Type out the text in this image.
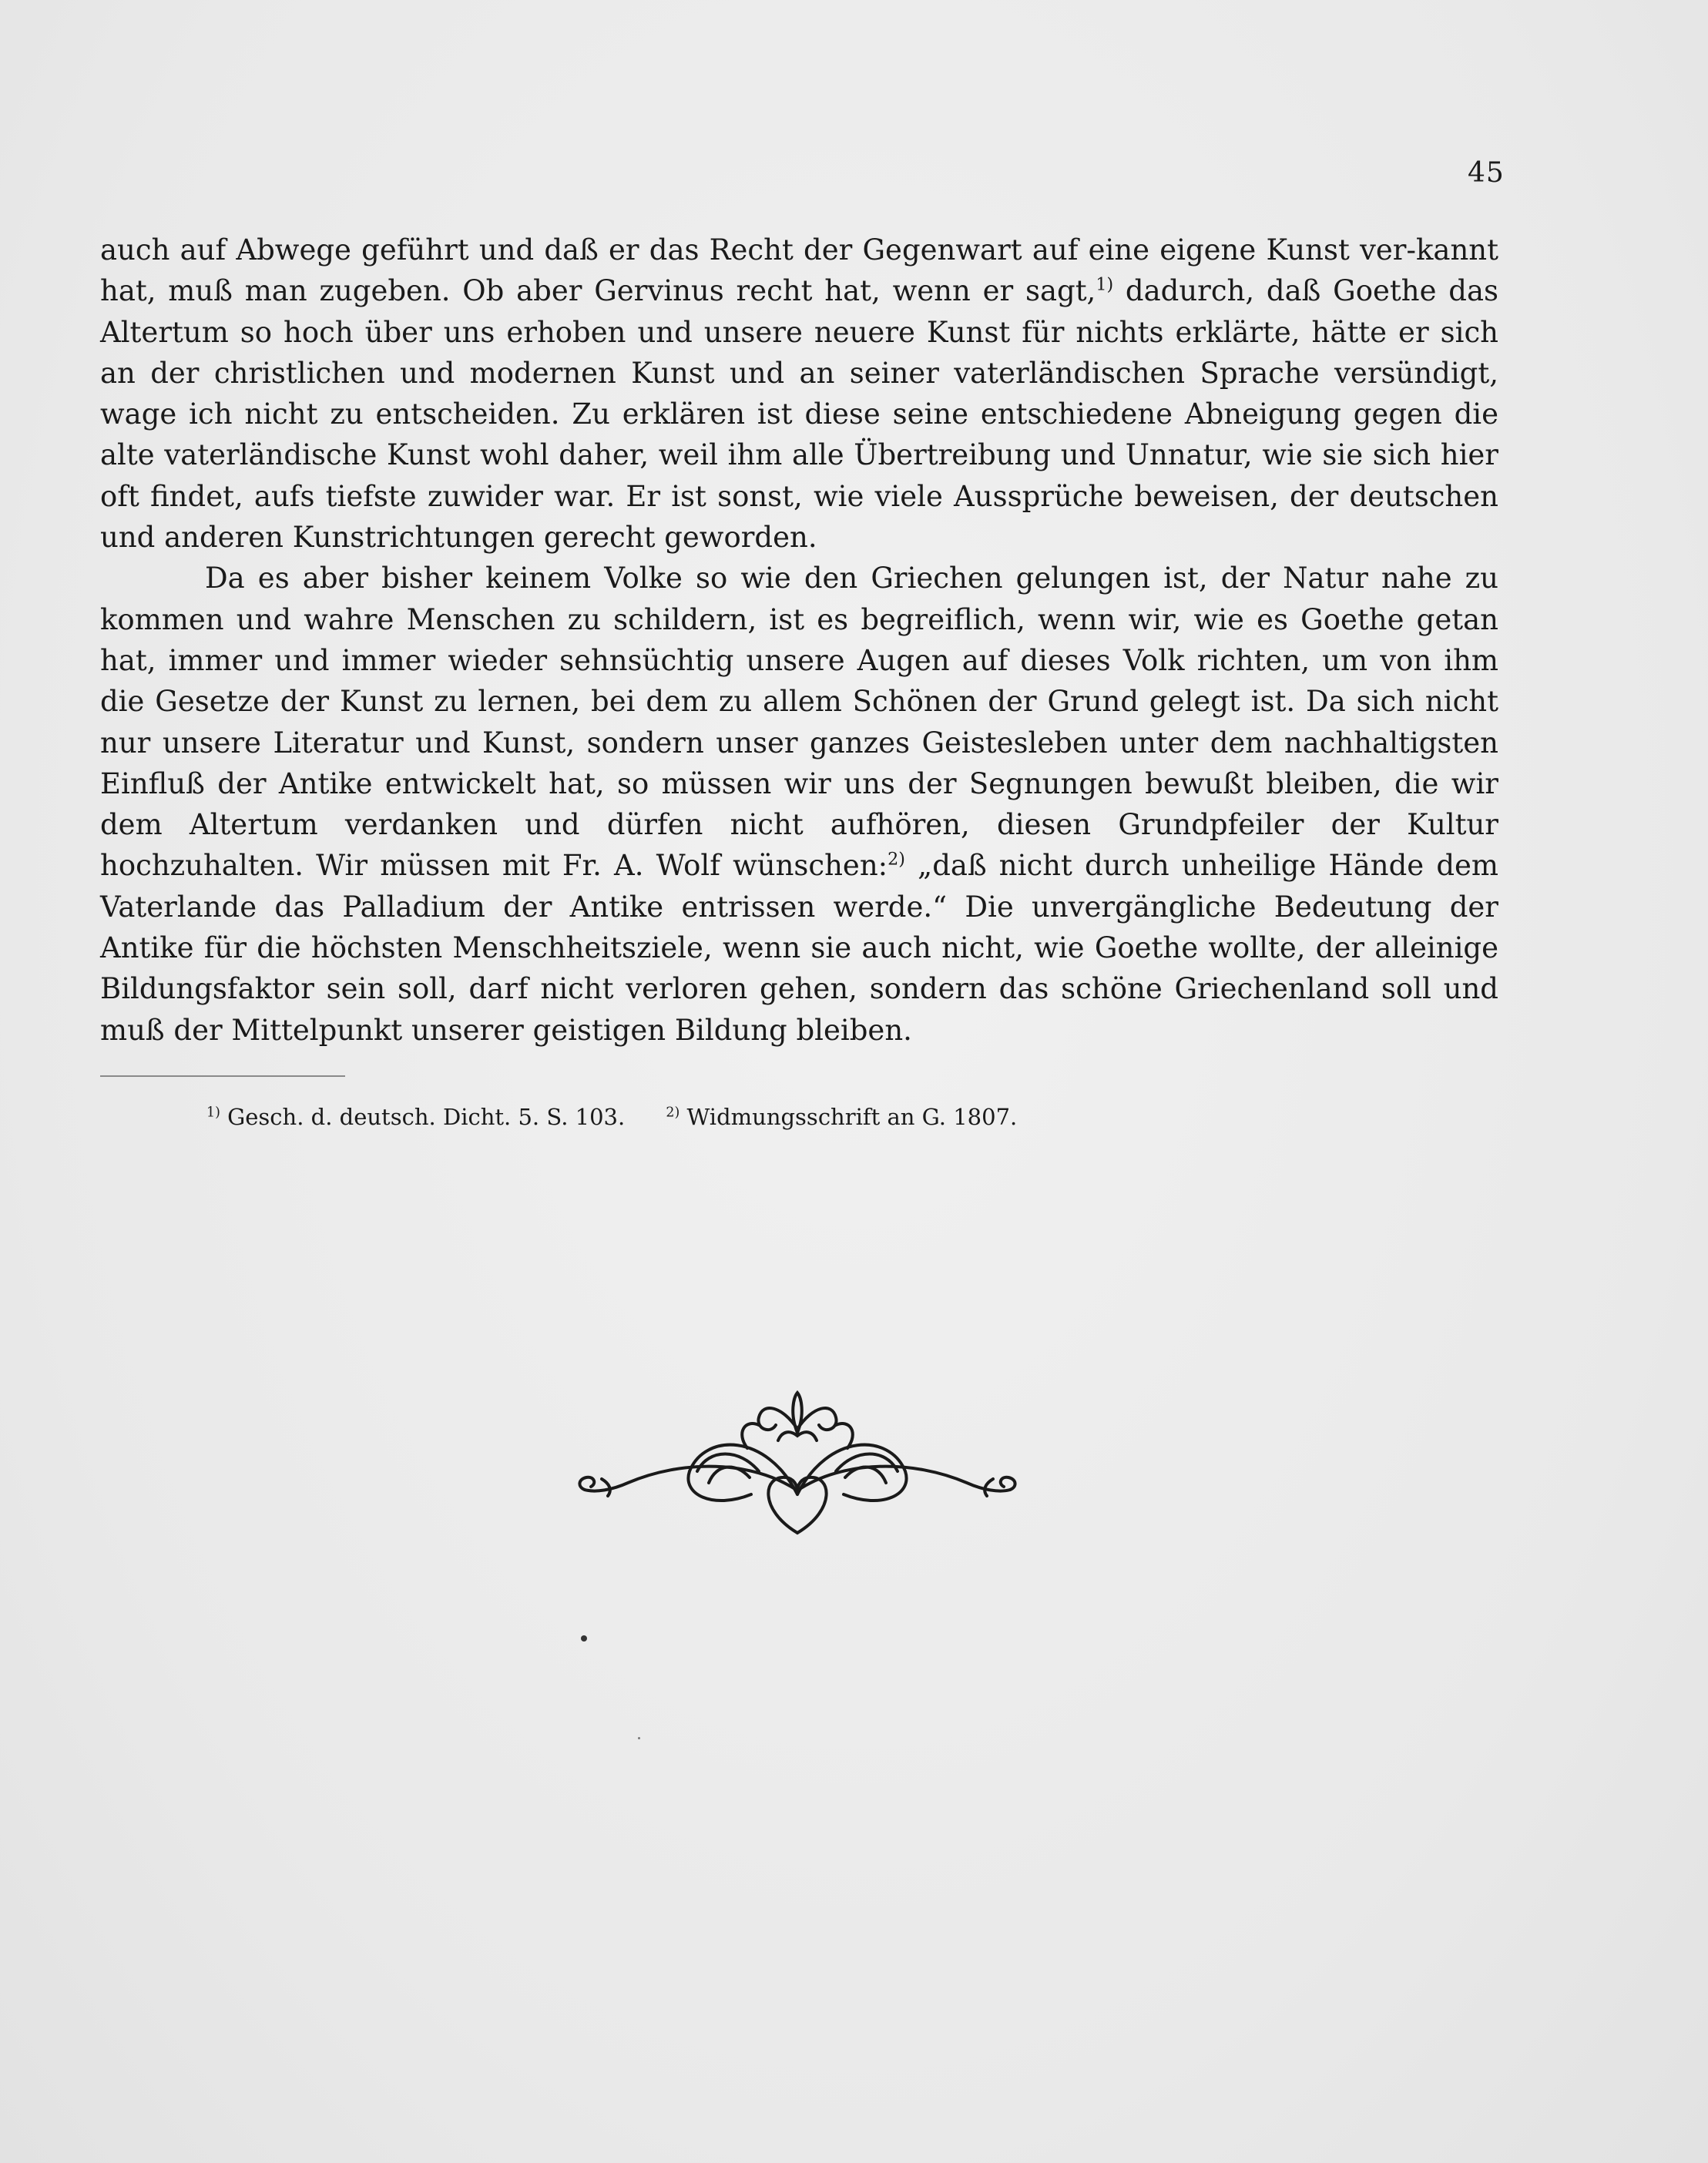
45

auch auf Abwege geführt und daß er das Recht der Gegenwart auf eine eigene Kunst ver-kannt hat, muß man zugeben. Ob aber Gervinus recht hat, wenn er sagt,$^{1)}$ dadurch, daß Goethe das Altertum so hoch über uns erhoben und unsere neuere Kunst für nichts erklärte, hätte er sich an der christlichen und modernen Kunst und an seiner vaterländischen Sprache versündigt, wage ich nicht zu entscheiden. Zu erklären ist diese seine entschiedene Abneigung gegen die alte vaterländische Kunst wohl daher, weil ihm alle Übertreibung und Unnatur, wie sie sich hier oft findet, aufs tiefste zuwider war. Er ist sonst, wie viele Aussprüche beweisen, der deutschen und anderen Kunstrichtungen gerecht geworden.

Da es aber bisher keinem Volke so wie den Griechen gelungen ist, der Natur nahe zu kommen und wahre Menschen zu schildern, ist es begreiflich, wenn wir, wie es Goethe getan hat, immer und immer wieder sehnsüchtig unsere Augen auf dieses Volk richten, um von ihm die Gesetze der Kunst zu lernen, bei dem zu allem Schönen der Grund gelegt ist. Da sich nicht nur unsere Literatur und Kunst, sondern unser ganzes Geistesleben unter dem nachhaltigsten Einfluß der Antike entwickelt hat, so müssen wir uns der Segnungen bewußt bleiben, die wir dem Altertum verdanken und dürfen nicht aufhören, diesen Grundpfeiler der Kultur hochzuhalten. Wir müssen mit Fr. A. Wolf wünschen:$^{2)}$ „daß nicht durch unheilige Hände dem Vaterlande das Palladium der Antike entrissen werde.“ Die unvergängliche Bedeutung der Antike für die höchsten Menschheitsziele, wenn sie auch nicht, wie Goethe wollte, der alleinige Bildungsfaktor sein soll, darf nicht verloren gehen, sondern das schöne Griechenland soll und muß der Mittelpunkt unserer geistigen Bildung bleiben.

$^{1)}$ Gesch. d. deutsch. Dicht. 5. S. 103.	$^{2)}$ Widmungsschrift an G. 1807.
